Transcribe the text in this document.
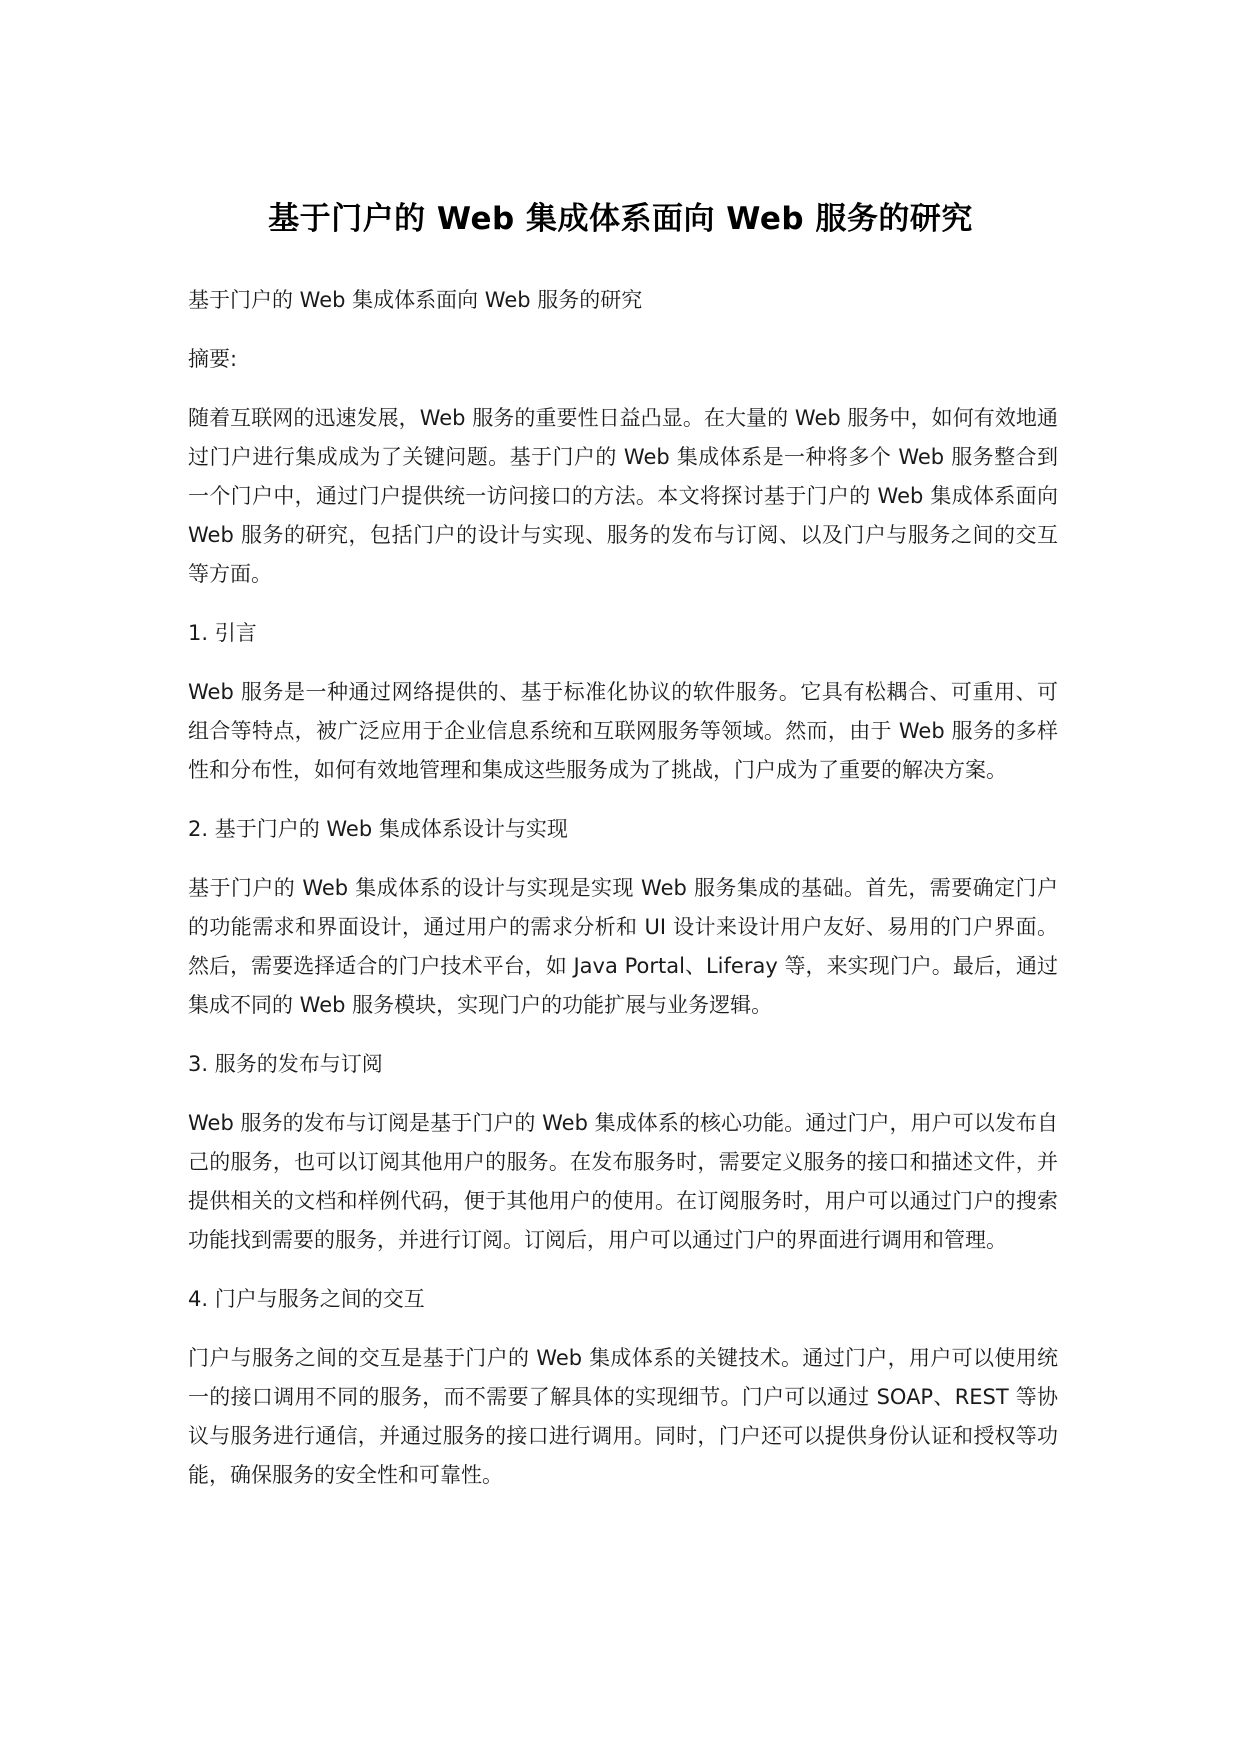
基于门户的 Web 集成体系面向 Web 服务的研究

基于门户的 Web 集成体系面向 Web 服务的研究

摘要:

随着互联网的迅速发展，Web 服务的重要性日益凸显。在大量的 Web 服务中，如何有效地通过门户进行集成成为了关键问题。基于门户的 Web 集成体系是一种将多个 Web 服务整合到一个门户中，通过门户提供统一访问接口的方法。本文将探讨基于门户的 Web 集成体系面向 Web 服务的研究，包括门户的设计与实现、服务的发布与订阅、以及门户与服务之间的交互等方面。

1. 引言

Web 服务是一种通过网络提供的、基于标准化协议的软件服务。它具有松耦合、可重用、可组合等特点，被广泛应用于企业信息系统和互联网服务等领域。然而，由于 Web 服务的多样性和分布性，如何有效地管理和集成这些服务成为了挑战，门户成为了重要的解决方案。

2. 基于门户的 Web 集成体系设计与实现

基于门户的 Web 集成体系的设计与实现是实现 Web 服务集成的基础。首先，需要确定门户的功能需求和界面设计，通过用户的需求分析和 UI 设计来设计用户友好、易用的门户界面。然后，需要选择适合的门户技术平台，如 Java Portal、Liferay 等，来实现门户。最后，通过集成不同的 Web 服务模块，实现门户的功能扩展与业务逻辑。

3. 服务的发布与订阅

Web 服务的发布与订阅是基于门户的 Web 集成体系的核心功能。通过门户，用户可以发布自己的服务，也可以订阅其他用户的服务。在发布服务时，需要定义服务的接口和描述文件，并提供相关的文档和样例代码，便于其他用户的使用。在订阅服务时，用户可以通过门户的搜索功能找到需要的服务，并进行订阅。订阅后，用户可以通过门户的界面进行调用和管理。

4. 门户与服务之间的交互

门户与服务之间的交互是基于门户的 Web 集成体系的关键技术。通过门户，用户可以使用统一的接口调用不同的服务，而不需要了解具体的实现细节。门户可以通过 SOAP、REST 等协议与服务进行通信，并通过服务的接口进行调用。同时，门户还可以提供身份认证和授权等功能，确保服务的安全性和可靠性。
